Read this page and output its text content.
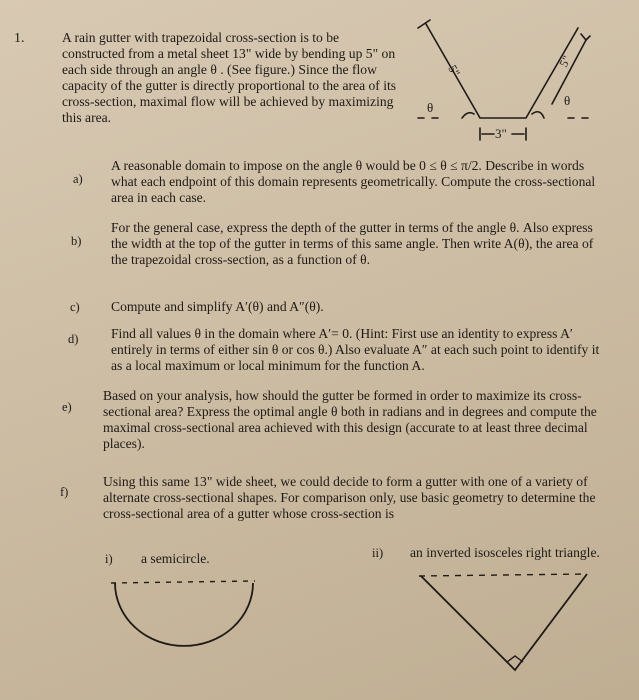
1.	A rain gutter with trapezoidal cross-section is to be constructed from a metal sheet 13" wide by bending up 5" on each side through an angle θ . (See figure.) Since the flow capacity of the gutter is directly proportional to the area of its cross-section, maximal flow will be achieved by maximizing this area.

5"
5"
3"
θ	θ
a)

A reasonable domain to impose on the angle θ would be 0 ≤ θ ≤ π/2. Describe in words what each endpoint of this domain represents geometrically. Compute the cross-sectional area in each case.

b)

For the general case, express the depth of the gutter in terms of the angle θ. Also express the width at the top of the gutter in terms of this same angle. Then write A(θ), the area of the trapezoidal cross-section, as a function of θ.

c) Compute and simplify A′(θ) and A″(θ).

d) Find all values θ in the domain where A′= 0. (Hint: First use an identity to express A′ entirely in terms of either sin θ or cos θ.) Also evaluate A″ at each such point to identify it as a local maximum or local minimum for the function A.

e)

Based on your analysis, how should the gutter be formed in order to maximize its cross-sectional area? Express the optimal angle θ both in radians and in degrees and compute the maximal cross-sectional area achieved with this design (accurate to at least three decimal places).

f)

Using this same 13" wide sheet, we could decide to form a gutter with one of a variety of alternate cross-sectional shapes. For comparison only, use basic geometry to determine the cross-sectional area of a gutter whose cross-section is

i) a semicircle.	ii) an inverted isosceles right triangle.
